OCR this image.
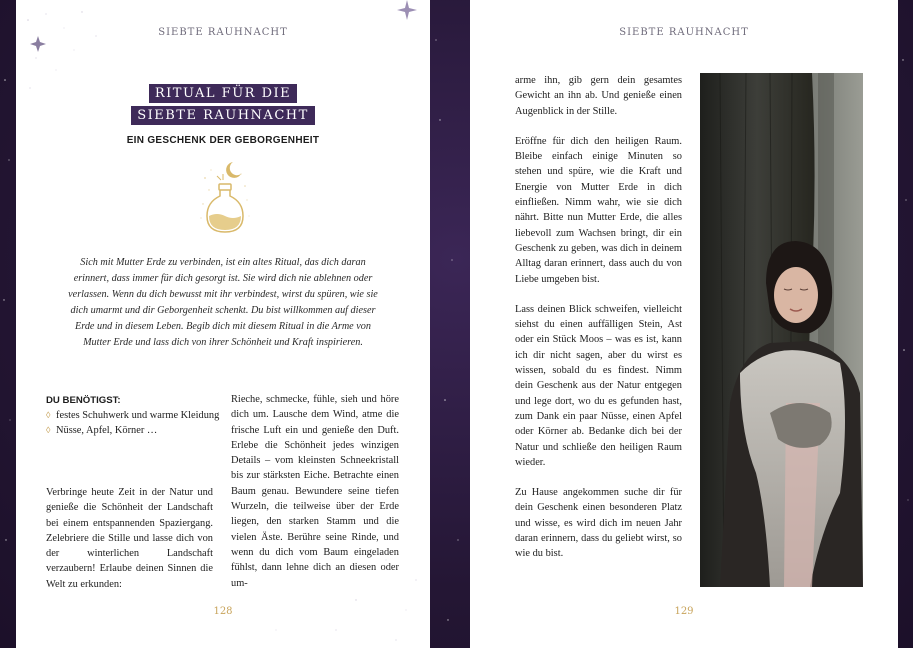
SIEBTE RAUHNACHT
RITUAL FÜR DIE
SIEBTE RAUHNACHT
EIN GESCHENK DER GEBORGENHEIT

Sich mit Mutter Erde zu verbinden, ist ein altes Ritual, das dich daran erinnert, dass immer für dich gesorgt ist. Sie wird dich nie ablehnen oder verlassen. Wenn du dich bewusst mit ihr verbindest, wirst du spüren, wie sie dich umarmt und dir Geborgenheit schenkt. Du bist willkommen auf dieser Erde und in diesem Leben. Begib dich mit diesem Ritual in die Arme von Mutter Erde und lass dich von ihrer Schönheit und Kraft inspirieren.

DU BENÖTIGST:
◊ festes Schuhwerk und warme Kleidung
◊ Nüsse, Apfel, Körner …

Verbringe heute Zeit in der Natur und genieße die Schönheit der Landschaft bei einem entspannenden Spaziergang. Zelebriere die Stille und lasse dich von der winterlichen Landschaft verzaubern! Erlaube deinen Sinnen die Welt zu erkunden:

Rieche, schmecke, fühle, sieh und höre dich um. Lausche dem Wind, atme die frische Luft ein und genieße den Duft. Erlebe die Schönheit jedes winzigen Details – vom kleinsten Schneekristall bis zur stärksten Eiche. Betrachte einen Baum genau. Bewundere seine tiefen Wurzeln, die teilweise über der Erde liegen, den starken Stamm und die vielen Äste. Berühre seine Rinde, und wenn du dich vom Baum eingeladen fühlst, dann lehne dich an diesen oder um-

128
SIEBTE RAUHNACHT

arme ihn, gib gern dein gesamtes Gewicht an ihn ab. Und genieße einen Augenblick in der Stille.

Eröffne für dich den heiligen Raum. Bleibe einfach einige Minuten so stehen und spüre, wie die Kraft und Energie von Mutter Erde in dich einfließen. Nimm wahr, wie sie dich nährt. Bitte nun Mutter Erde, die alles liebevoll zum Wachsen bringt, dir ein Geschenk zu geben, was dich in deinem Alltag daran erinnert, dass auch du von Liebe umgeben bist.

Lass deinen Blick schweifen, vielleicht siehst du einen auffälligen Stein, Ast oder ein Stück Moos – was es ist, kann ich dir nicht sagen, aber du wirst es wissen, sobald du es findest. Nimm dein Geschenk aus der Natur entgegen und lege dort, wo du es gefunden hast, zum Dank ein paar Nüsse, einen Apfel oder Körner ab. Bedanke dich bei der Natur und schließe den heiligen Raum wieder.

Zu Hause angekommen suche dir für dein Geschenk einen besonderen Platz und wisse, es wird dich im neuen Jahr daran erinnern, dass du geliebt wirst, so wie du bist.

129
